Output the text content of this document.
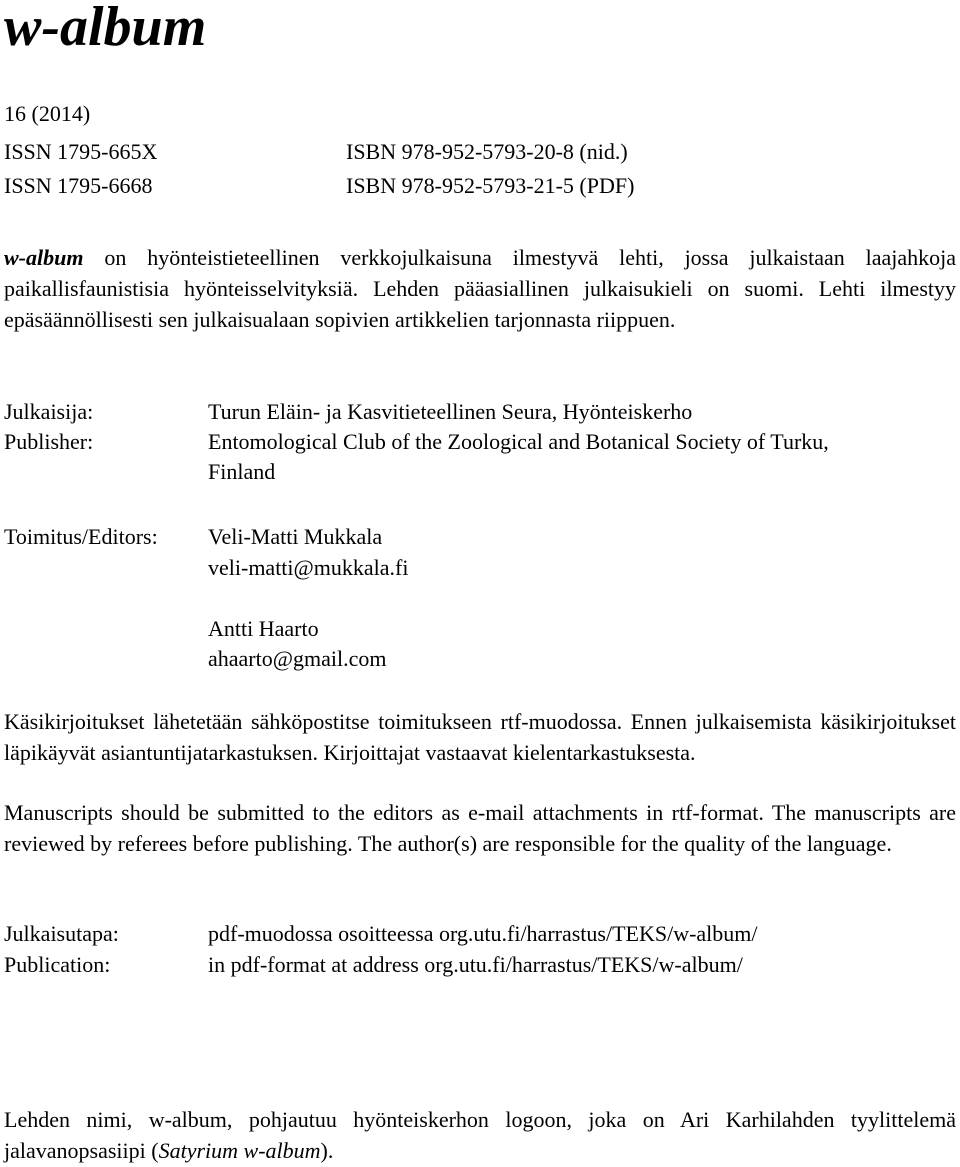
w-album
16 (2014)
ISSN 1795-665X	ISBN 978-952-5793-20-8 (nid.)
ISSN 1795-6668	ISBN 978-952-5793-21-5 (PDF)

w-album on hyönteistieteellinen verkkojulkaisuna ilmestyvä lehti, jossa julkaistaan laajahkoja paikallisfaunistisia hyönteisselvityksiä. Lehden pääasiallinen julkaisukieli on suomi. Lehti ilmestyy epäsäännöllisesti sen julkaisualaan sopivien artikkelien tarjonnasta riippuen.

Julkaisija:
Publisher:
Turun Eläin- ja Kasvitieteellinen Seura, Hyönteiskerho
Entomological Club of the Zoological and Botanical Society of Turku,
Finland
Toimitus/Editors: Veli-Matti Mukkala
veli-matti@mukkala.fi
Antti Haarto
ahaarto@gmail.com

Käsikirjoitukset lähetetään sähköpostitse toimitukseen rtf-muodossa. Ennen julkaisemista käsikirjoitukset läpikäyvät asiantuntijatarkastuksen. Kirjoittajat vastaavat kielentarkastuksesta.

Manuscripts should be submitted to the editors as e-mail attachments in rtf-format. The manuscripts are reviewed by referees before publishing. The author(s) are responsible for the quality of the language.

Julkaisutapa:
Publication:
pdf-muodossa osoitteessa org.utu.fi/harrastus/TEKS/w-album/
in pdf-format at address org.utu.fi/harrastus/TEKS/w-album/

Lehden nimi, w-album, pohjautuu hyönteiskerhon logoon, joka on Ari Karhilahden tyylittelemä jalavanopsasiipi (Satyrium w-album).
